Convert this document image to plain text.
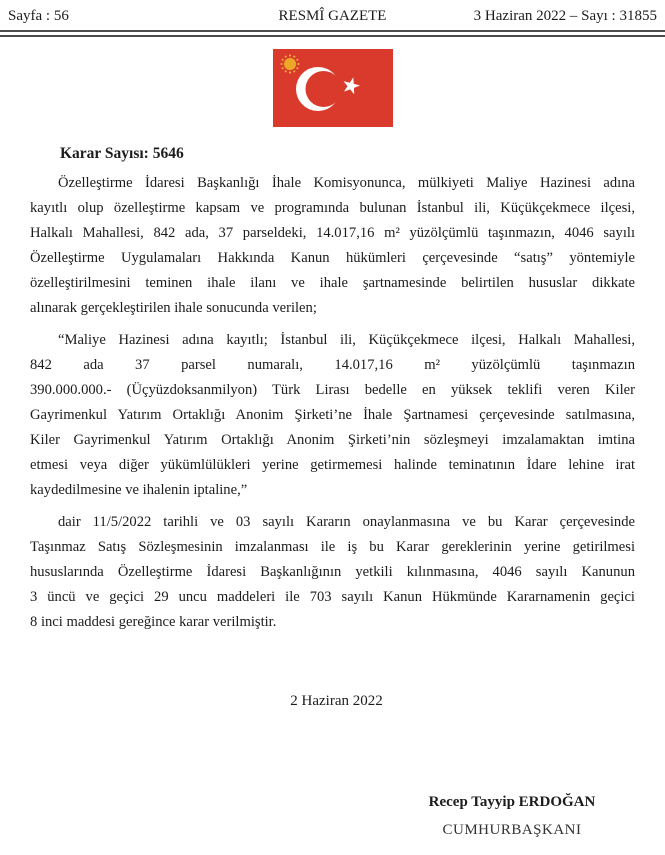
Sayfa : 56	RESMÎ GAZETE	3 Haziran 2022 – Sayı : 31855
Karar Sayısı: 5646
Özelleştirme İdaresi Başkanlığı İhale Komisyonunca, mülkiyeti Maliye Hazinesi adına
kayıtlı olup özelleştirme kapsam ve programında bulunan İstanbul ili, Küçükçekmece ilçesi,
Halkalı Mahallesi, 842 ada, 37 parseldeki, 14.017,16 m² yüzölçümlü taşınmazın, 4046 sayılı
Özelleştirme Uygulamaları Hakkında Kanun hükümleri çerçevesinde “satış” yöntemiyle
özelleştirilmesini teminen ihale ilanı ve ihale şartnamesinde belirtilen hususlar dikkate
alınarak gerçekleştirilen ihale sonucunda verilen;
“Maliye Hazinesi adına kayıtlı; İstanbul ili, Küçükçekmece ilçesi, Halkalı Mahallesi,
842 ada 37 parsel numaralı, 14.017,16 m² yüzölçümlü taşınmazın
390.000.000.- (Üçyüzdoksanmilyon) Türk Lirası bedelle en yüksek teklifi veren Kiler
Gayrimenkul Yatırım Ortaklığı Anonim Şirketi’ne İhale Şartnamesi çerçevesinde satılmasına,
Kiler Gayrimenkul Yatırım Ortaklığı Anonim Şirketi’nin sözleşmeyi imzalamaktan imtina
etmesi veya diğer yükümlülükleri yerine getirmemesi halinde teminatının İdare lehine irat
kaydedilmesine ve ihalenin iptaline,”
dair 11/5/2022 tarihli ve 03 sayılı Kararın onaylanmasına ve bu Karar çerçevesinde
Taşınmaz Satış Sözleşmesinin imzalanması ile iş bu Karar gereklerinin yerine getirilmesi
hususlarında Özelleştirme İdaresi Başkanlığının yetkili kılınmasına, 4046 sayılı Kanunun
3 üncü ve geçici 29 uncu maddeleri ile 703 sayılı Kanun Hükmünde Kararnamenin geçici
8 inci maddesi gereğince karar verilmiştir.
2 Haziran 2022
Recep Tayyip ERDOĞAN
CUMHURBAŞKANI
